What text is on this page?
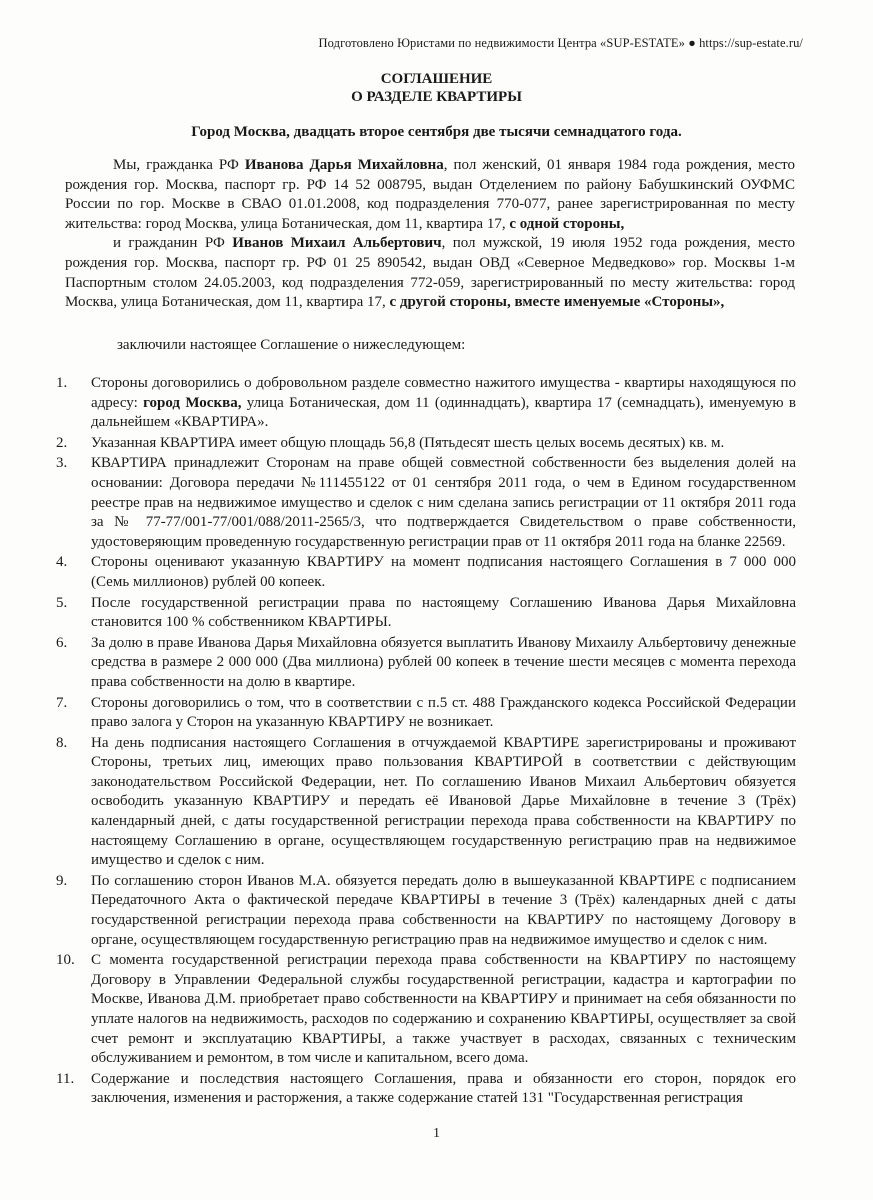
Подготовлено Юристами по недвижимости Центра «SUP-ESTATE» ● https://sup-estate.ru/
СОГЛАШЕНИЕ
О РАЗДЕЛЕ КВАРТИРЫ
Город Москва, двадцать второе сентября две тысячи семнадцатого года.
Мы, гражданка РФ Иванова Дарья Михайловна, пол женский, 01 января 1984 года рождения, место рождения гор. Москва, паспорт гр. РФ 14 52 008795, выдан Отделением по району Бабушкинский ОУФМС России по гор. Москве в СВАО 01.01.2008, код подразделения 770-077, ранее зарегистрированная по месту жительства: город Москва, улица Ботаническая, дом 11, квартира 17, с одной стороны,
и гражданин РФ Иванов Михаил Альбертович, пол мужской, 19 июля 1952 года рождения, место рождения гор. Москва, паспорт гр. РФ 01 25 890542, выдан ОВД «Северное Медведково» гор. Москвы 1-м Паспортным столом 24.05.2003, код подразделения 772-059, зарегистрированный по месту жительства: город Москва, улица Ботаническая, дом 11, квартира 17, с другой стороны, вместе именуемые «Стороны»,
заключили настоящее Соглашение о нижеследующем:
1.	Стороны договорились о добровольном разделе совместно нажитого имущества - квартиры находящуюся по адресу: город Москва, улица Ботаническая, дом 11 (одиннадцать), квартира 17 (семнадцать), именуемую в дальнейшем «КВАРТИРА».
2.	Указанная КВАРТИРА имеет общую площадь 56,8 (Пятьдесят шесть целых восемь десятых) кв. м.
3.	КВАРТИРА принадлежит Сторонам на праве общей совместной собственности без выделения долей на основании: Договора передачи №111455122 от 01 сентября 2011 года, о чем в Едином государственном реестре прав на недвижимое имущество и сделок с ним сделана запись регистрации от 11 октября 2011 года за № 77-77/001-77/001/088/2011-2565/3, что подтверждается Свидетельством о праве собственности, удостоверяющим проведенную государственную регистрации прав от 11 октября 2011 года на бланке 22569.
4.	Стороны оценивают указанную КВАРТИРУ на момент подписания настоящего Соглашения в 7 000 000 (Семь миллионов) рублей 00 копеек.
5.	После государственной регистрации права по настоящему Соглашению Иванова Дарья Михайловна становится 100 % собственником КВАРТИРЫ.
6.	За долю в праве Иванова Дарья Михайловна обязуется выплатить Иванову Михаилу Альбертовичу денежные средства в размере 2 000 000 (Два миллиона) рублей 00 копеек в течение шести месяцев с момента перехода права собственности на долю в квартире.
7.	Стороны договорились о том, что в соответствии с п.5 ст. 488 Гражданского кодекса Российской Федерации право залога у Сторон на указанную КВАРТИРУ не возникает.
8.	На день подписания настоящего Соглашения в отчуждаемой КВАРТИРЕ зарегистрированы и проживают Стороны, третьих лиц, имеющих право пользования КВАРТИРОЙ в соответствии с действующим законодательством Российской Федерации, нет. По соглашению Иванов Михаил Альбертович обязуется освободить указанную КВАРТИРУ и передать её Ивановой Дарье Михайловне в течение 3 (Трёх) календарный дней, с даты государственной регистрации перехода права собственности на КВАРТИРУ по настоящему Соглашению в органе, осуществляющем государственную регистрацию прав на недвижимое имущество и сделок с ним.
9.	По соглашению сторон Иванов М.А. обязуется передать долю в вышеуказанной КВАРТИРЕ с подписанием Передаточного Акта о фактической передаче КВАРТИРЫ в течение 3 (Трёх) календарных дней с даты государственной регистрации перехода права собственности на КВАРТИРУ по настоящему Договору в органе, осуществляющем государственную регистрацию прав на недвижимое имущество и сделок с ним.
10.	С момента государственной регистрации перехода права собственности на КВАРТИРУ по настоящему Договору в Управлении Федеральной службы государственной регистрации, кадастра и картографии по Москве, Иванова Д.М. приобретает право собственности на КВАРТИРУ и принимает на себя обязанности по уплате налогов на недвижимость, расходов по содержанию и сохранению КВАРТИРЫ, осуществляет за свой счет ремонт и эксплуатацию КВАРТИРЫ, а также участвует в расходах, связанных с техническим обслуживанием и ремонтом, в том числе и капитальном, всего дома.
11.	Содержание и последствия настоящего Соглашения, права и обязанности его сторон, порядок его заключения, изменения и расторжения, а также содержание статей 131 "Государственная регистрация
1
